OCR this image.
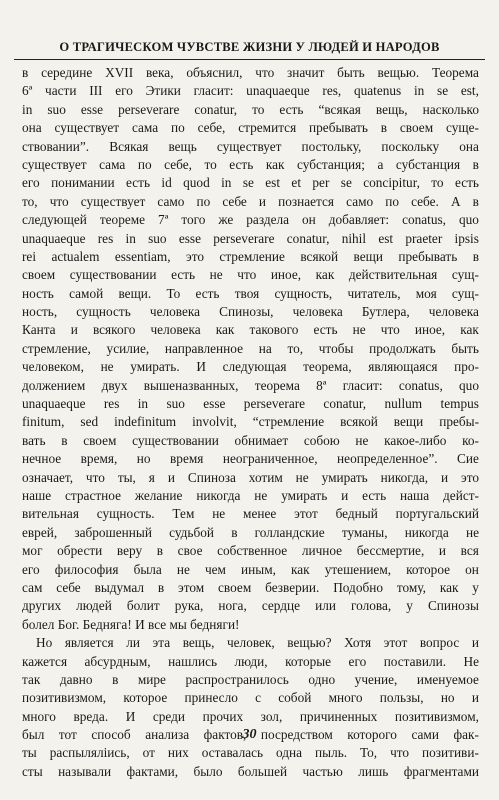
О ТРАГИЧЕСКОМ ЧУВСТВЕ ЖИЗНИ У ЛЮДЕЙ И НАРОДОВ
в середине XVII века, объяснил, что значит быть вещью. Теорема
6ª части III его Этики гласит: unaquaeque res, quatenus in se est,
in suo esse perseverare conatur, то есть “всякая вещь, насколько
она существует сама по себе, стремится пребывать в своем суще-
ствовании”. Всякая вещь существует постольку, поскольку она
существует сама по себе, то есть как субстанция; а субстанция в
его понимании есть id quod in se est et per se concipitur, то есть
то, что существует само по себе и познается само по себе. А в
следующей теореме 7ª того же раздела он добавляет: conatus, quo
unaquaeque res in suo esse perseverare conatur, nihil est praeter ipsis
rei actualem essentiam, это стремление всякой вещи пребывать в
своем существовании есть не что иное, как действительная сущ-
ность самой вещи. То есть твоя сущность, читатель, моя сущ-
ность, сущность человека Спинозы, человека Бутлера, человека
Канта и всякого человека как такового есть не что иное, как
стремление, усилие, направленное на то, чтобы продолжать быть
человеком, не умирать. И следующая теорема, являющаяся про-
должением двух вышеназванных, теорема 8ª гласит: conatus, quo
unaquaeque res in suo esse perseverare conatur, nullum tempus
finitum, sed indefinitum involvit, “стремление всякой вещи пребы-
вать в своем существовании обнимает собою не какое-либо ко-
нечное время, но время неограниченное, неопределенное”. Сие
означает, что ты, я и Спиноза хотим не умирать никогда, и это
наше страстное желание никогда не умирать и есть наша дейст-
вительная сущность. Тем не менее этот бедный португальский
еврей, заброшенный судьбой в голландские туманы, никогда не
мог обрести веру в свое собственное личное бессмертие, и вся
его философия была не чем иным, как утешением, которое он
сам себе выдумал в этом своем безверии. Подобно тому, как у
других людей болит рука, нога, сердце или голова, у Спинозы
болел Бог. Бедняга! И все мы бедняги!
Но является ли эта вещь, человек, вещью? Хотя этот вопрос и
кажется абсурдным, нашлись люди, которые его поставили. Не
так давно в мире распространилось одно учение, именуемое
позитивизмом, которое принесло с собой много пользы, но и
много вреда. И среди прочих зол, причиненных позитивизмом,
был тот способ анализа фактов, посредством которого сами фак-
ты распыляліись, от них оставалась одна пыль. То, что позитиви-
сты называли фактами, было большей частью лишь фрагментами
30
